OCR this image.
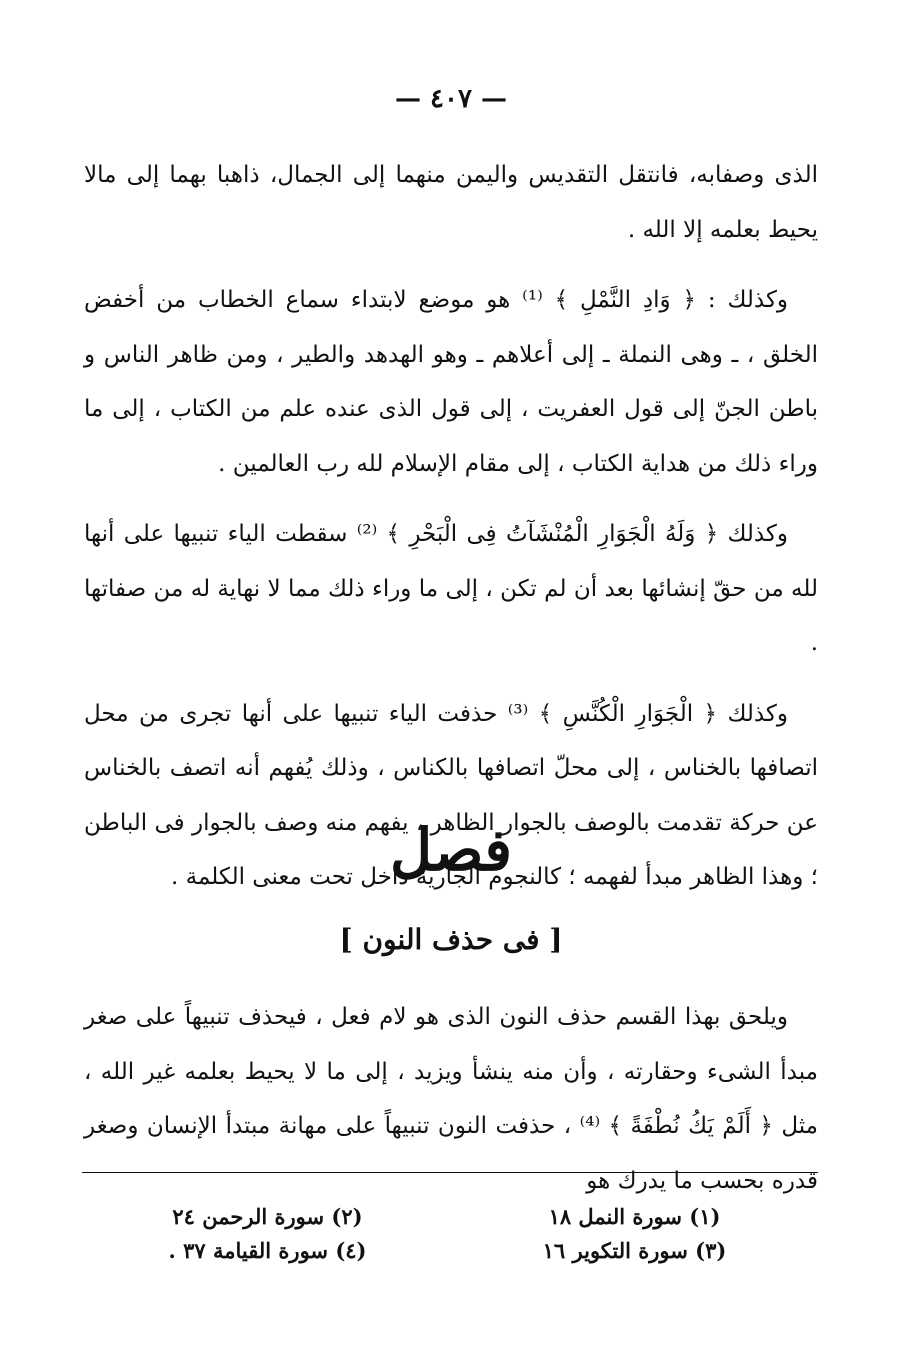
— ٤٠٧ —

الذى وصفابه، فانتقل التقديس واليمن منهما إلى الجمال، ذاهبا بهما إلى مالا يحيط بعلمه إلا الله .

وكذلك : ﴿ وَادِ النَّمْلِ ﴾ ⁽¹⁾ هو موضع لابتداء سماع الخطاب من أخفض الخلق ، ـ وهى النملة ـ إلى أعلاهم ـ وهو الهدهد والطير ، ومن ظاهر الناس و باطن الجنّ إلى قول العفريت ، إلى قول الذى عنده علم من الكتاب ، إلى ما وراء ذلك من هداية الكتاب ، إلى مقام الإسلام لله رب العالمين .

وكذلك ﴿ وَلَهُ الْجَوَارِ الْمُنْشَآتُ فِى الْبَحْرِ ﴾ ⁽²⁾ سقطت الياء تنبيها على أنها لله من حقّ إنشائها بعد أن لم تكن ، إلى ما وراء ذلك مما لا نهاية له من صفاتها .

وكذلك ﴿ الْجَوَارِ الْكُنَّسِ ﴾ ⁽³⁾ حذفت الياء تنبيها على أنها تجرى من محل اتصافها بالخناس ، إلى محلّ اتصافها بالكناس ، وذلك يُفهم أنه اتصف بالخناس عن حركة تقدمت بالوصف بالجوار الظاهر ، يفهم منه وصف بالجوار فى الباطن ؛ وهذا الظاهر مبدأ لفهمه ؛ كالنجوم الجارية داخل تحت معنى الكلمة .

فصل
[ فى حذف النون ]

ويلحق بهذا القسم حذف النون الذى هو لام فعل ، فيحذف تنبيهاً على صغر مبدأ الشىء وحقارته ، وأن منه ينشأ ويزيد ، إلى ما لا يحيط بعلمه غير الله ، مثل ﴿ أَلَمْ يَكُ نُطْفَةً ﴾ ⁽⁴⁾ ، حذفت النون تنبيهاً على مهانة مبتدأ الإنسان وصغر قدره بحسب ما يدرك هو

(١) سورة النمل ١٨
(٢) سورة الرحمن ٢٤
(٣) سورة التكوير ١٦
(٤) سورة القيامة ٣٧ .
